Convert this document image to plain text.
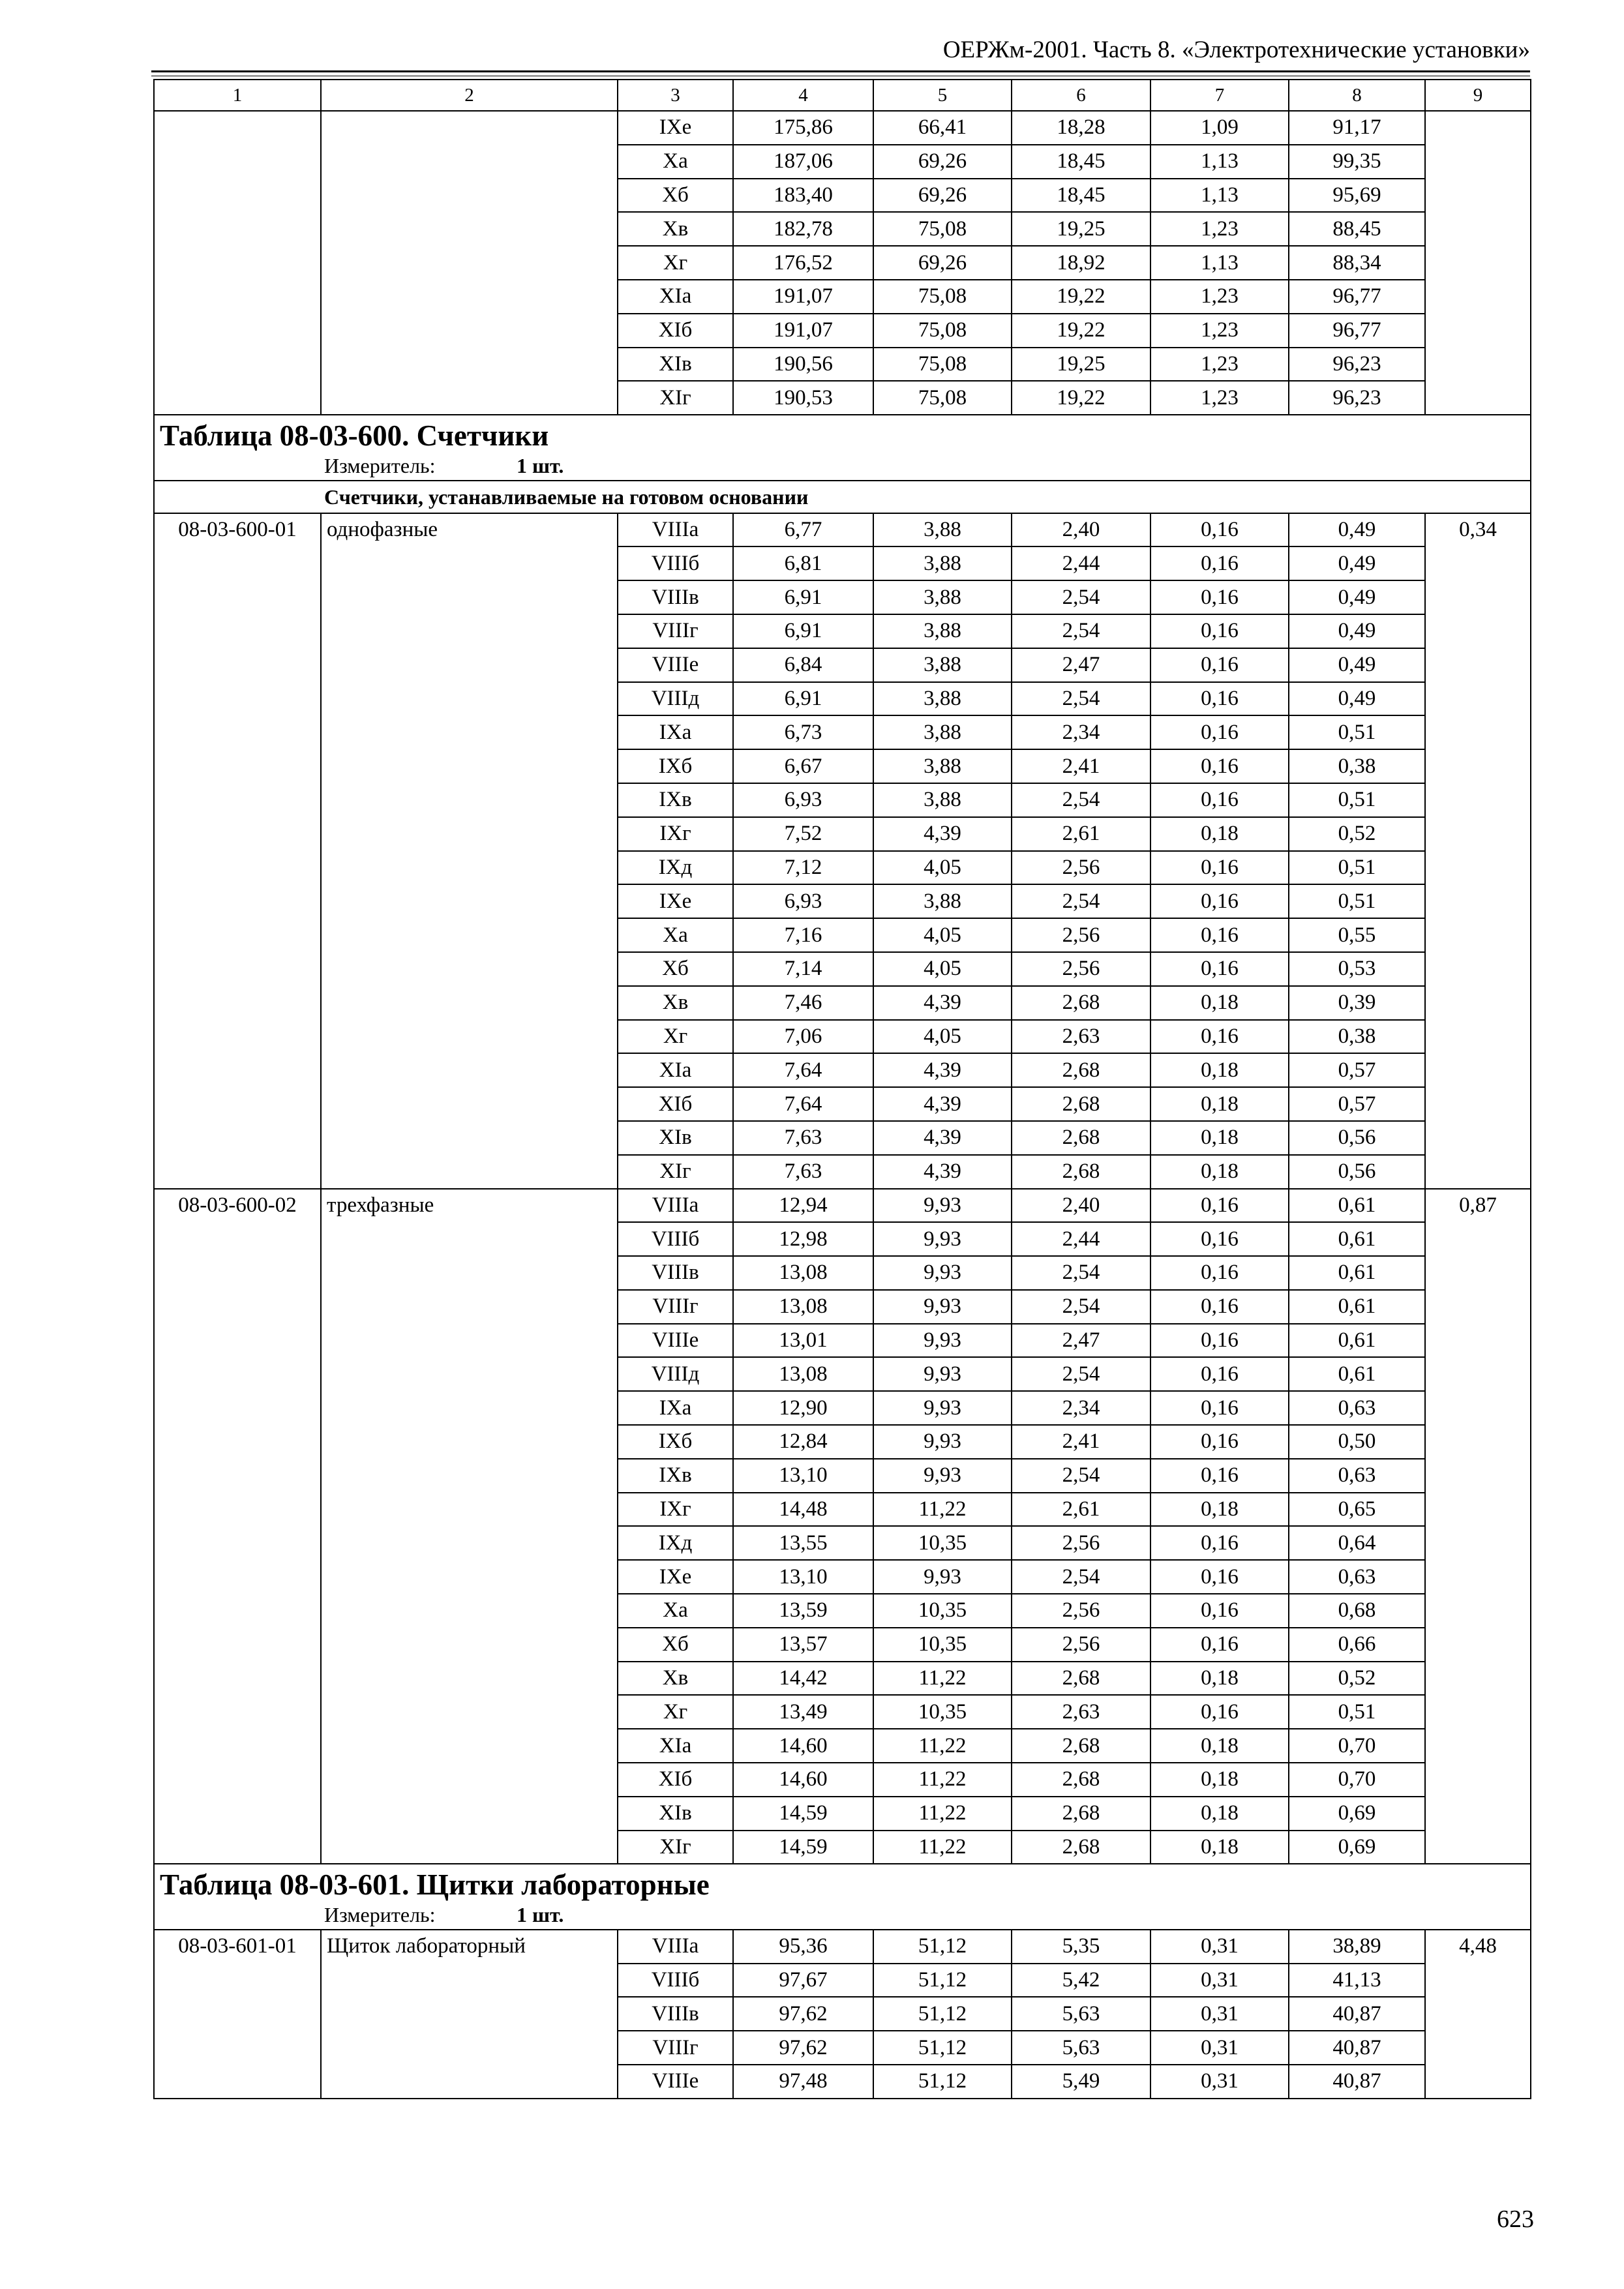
ОЕРЖм-2001. Часть 8. «Электротехнические установки»
1	2	3	4	5	6	7	8	9
		IXе	175,86	66,41	18,28	1,09	91,17	
		Xа	187,06	69,26	18,45	1,13	99,35	
		Xб	183,40	69,26	18,45	1,13	95,69	
		Xв	182,78	75,08	19,25	1,23	88,45	
		Xг	176,52	69,26	18,92	1,13	88,34	
		XIа	191,07	75,08	19,22	1,23	96,77	
		XIб	191,07	75,08	19,22	1,23	96,77	
		XIв	190,56	75,08	19,25	1,23	96,23	
		XIг	190,53	75,08	19,22	1,23	96,23	

Таблица 08-03-600. Счетчики
Измеритель: 1 шт.								

Счетчики, устанавливаемые на готовом основании								
08-03-600-01	однофазные	VIIIа	6,77	3,88	2,40	0,16	0,49	0,34
		VIIIб	6,81	3,88	2,44	0,16	0,49	
		VIIIв	6,91	3,88	2,54	0,16	0,49	
		VIIIг	6,91	3,88	2,54	0,16	0,49	
		VIIIе	6,84	3,88	2,47	0,16	0,49	
		VIIIд	6,91	3,88	2,54	0,16	0,49	
		IXа	6,73	3,88	2,34	0,16	0,51	
		IXб	6,67	3,88	2,41	0,16	0,38	
		IXв	6,93	3,88	2,54	0,16	0,51	
		IXг	7,52	4,39	2,61	0,18	0,52	
		IXд	7,12	4,05	2,56	0,16	0,51	
		IXе	6,93	3,88	2,54	0,16	0,51	
		Xа	7,16	4,05	2,56	0,16	0,55	
		Xб	7,14	4,05	2,56	0,16	0,53	
		Xв	7,46	4,39	2,68	0,18	0,39	
		Xг	7,06	4,05	2,63	0,16	0,38	
		XIа	7,64	4,39	2,68	0,18	0,57	
		XIб	7,64	4,39	2,68	0,18	0,57	
		XIв	7,63	4,39	2,68	0,18	0,56	
		XIг	7,63	4,39	2,68	0,18	0,56	
08-03-600-02	трехфазные	VIIIа	12,94	9,93	2,40	0,16	0,61	0,87
		VIIIб	12,98	9,93	2,44	0,16	0,61	
		VIIIв	13,08	9,93	2,54	0,16	0,61	
		VIIIг	13,08	9,93	2,54	0,16	0,61	
		VIIIе	13,01	9,93	2,47	0,16	0,61	
		VIIIд	13,08	9,93	2,54	0,16	0,61	
		IXа	12,90	9,93	2,34	0,16	0,63	
		IXб	12,84	9,93	2,41	0,16	0,50	
		IXв	13,10	9,93	2,54	0,16	0,63	
		IXг	14,48	11,22	2,61	0,18	0,65	
		IXд	13,55	10,35	2,56	0,16	0,64	
		IXе	13,10	9,93	2,54	0,16	0,63	
		Xа	13,59	10,35	2,56	0,16	0,68	
		Xб	13,57	10,35	2,56	0,16	0,66	
		Xв	14,42	11,22	2,68	0,18	0,52	
		Xг	13,49	10,35	2,63	0,16	0,51	
		XIа	14,60	11,22	2,68	0,18	0,70	
		XIб	14,60	11,22	2,68	0,18	0,70	
		XIв	14,59	11,22	2,68	0,18	0,69	
		XIг	14,59	11,22	2,68	0,18	0,69	

Таблица 08-03-601. Щитки лабораторные
Измеритель: 1 шт.								

08-03-601-01	Щиток лабораторный	VIIIа	95,36	51,12	5,35	0,31	38,89	4,48
		VIIIб	97,67	51,12	5,42	0,31	41,13	
		VIIIв	97,62	51,12	5,63	0,31	40,87	
		VIIIг	97,62	51,12	5,63	0,31	40,87	
		VIIIе	97,48	51,12	5,49	0,31	40,87	
623
